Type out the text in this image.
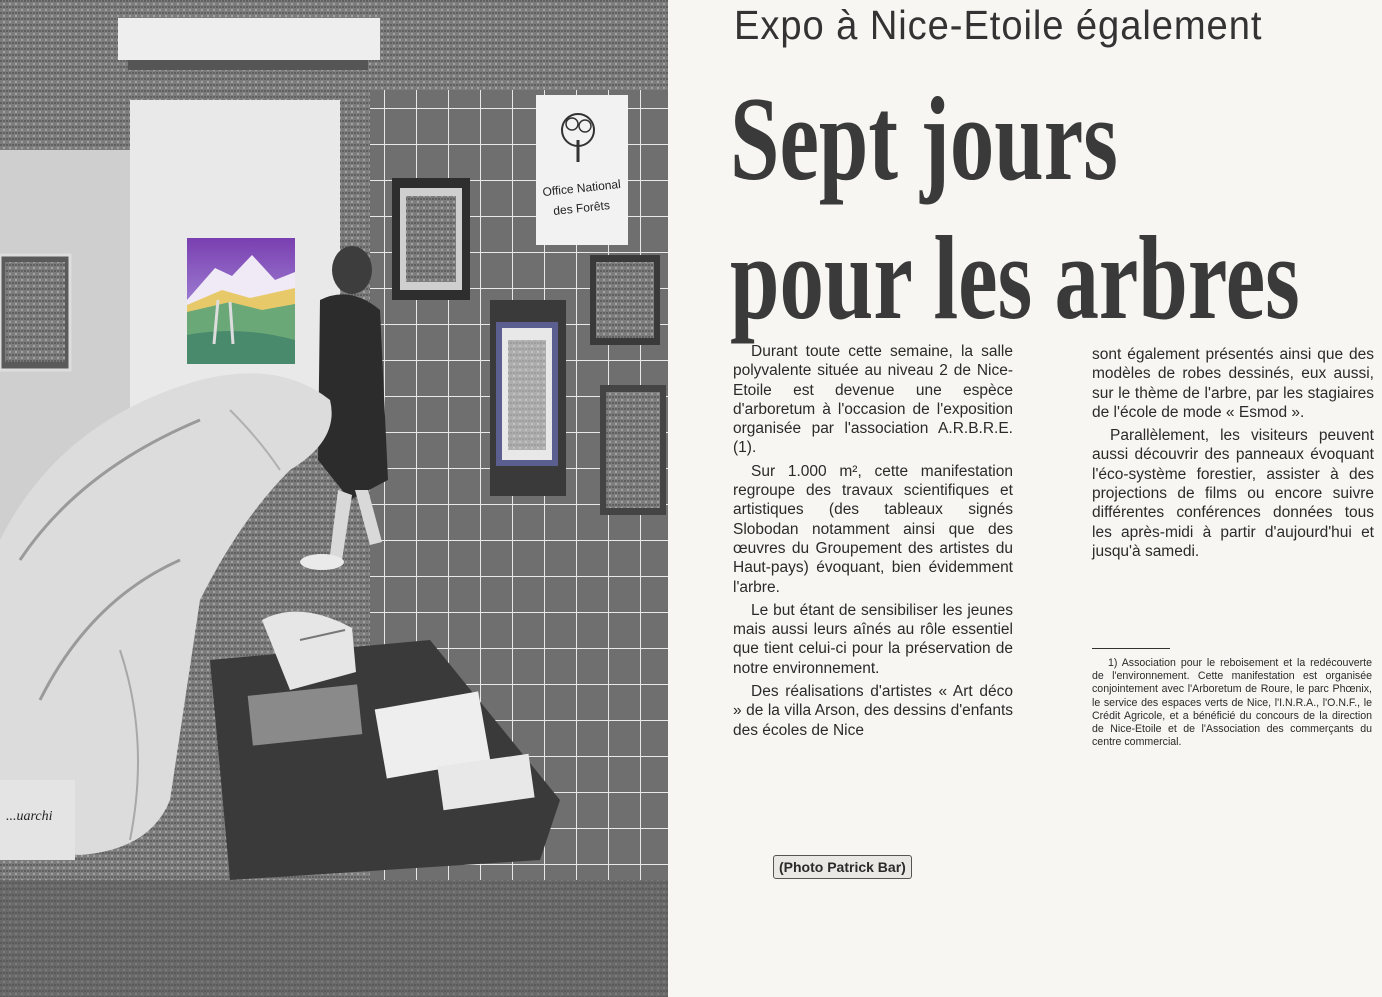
Office National
des Forêts
...uarchi
Expo à Nice-Etoile également
Sept jours
pour les arbres

Durant toute cette semaine, la salle polyvalente située au niveau 2 de Nice-Etoile est devenue une espèce d'arboretum à l'occasion de l'exposition organisée par l'association A.R.B.R.E. (1).

Sur 1.000 m², cette manifestation regroupe des travaux scientifiques et artistiques (des tableaux signés Slobodan notamment ainsi que des œuvres du Groupement des artistes du Haut-pays) évoquant, bien évidemment l'arbre.

Le but étant de sensibiliser les jeunes mais aussi leurs aînés au rôle essentiel que tient celui-ci pour la préservation de notre environnement.

Des réalisations d'artistes « Art déco » de la villa Arson, des dessins d'enfants des écoles de Nice

sont également présentés ainsi que des modèles de robes dessinés, eux aussi, sur le thème de l'arbre, par les stagiaires de l'école de mode « Esmod ».

Parallèlement, les visiteurs peuvent aussi découvrir des panneaux évoquant l'éco-système forestier, assister à des projections de films ou encore suivre différentes conférences données tous les après-midi à partir d'aujourd'hui et jusqu'à samedi.

1) Association pour le reboisement et la redécouverte de l'environnement. Cette manifestation est organisée conjointement avec l'Arboretum de Roure, le parc Phœnix, le service des espaces verts de Nice, l'I.N.R.A., l'O.N.F., le Crédit Agricole, et a bénéficié du concours de la direction de Nice-Etoile et de l'Association des commerçants du centre commercial.
(Photo Patrick Bar)
